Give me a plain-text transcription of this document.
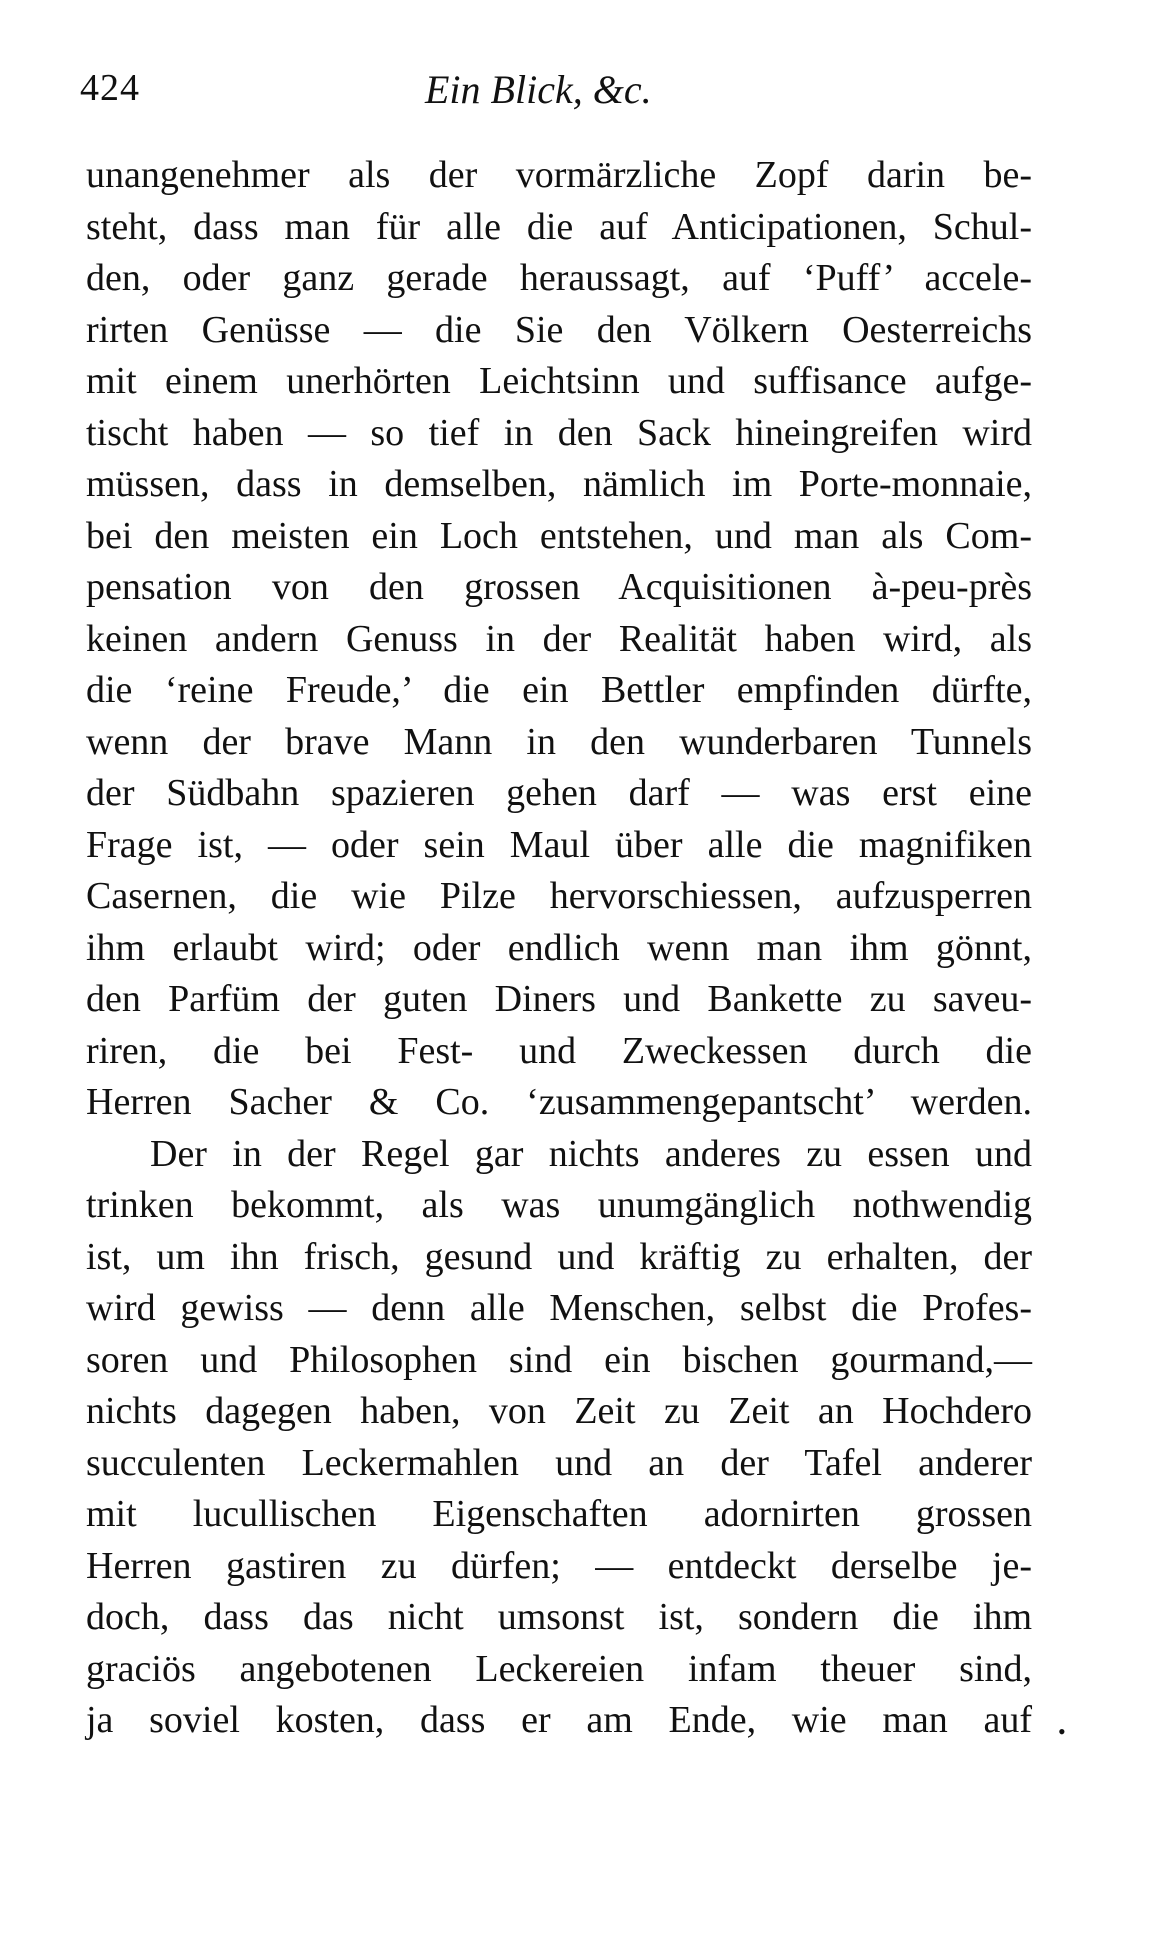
424	Ein Blick, &c.
unangenehmer als der vormärzliche Zopf darin be-
steht, dass man für alle die auf Anticipationen, Schul-
den, oder ganz gerade heraussagt, auf ‘Puff’ accele-
rirten Genüsse — die Sie den Völkern Oesterreichs
mit einem unerhörten Leichtsinn und suffisance aufge-
tischt haben — so tief in den Sack hineingreifen wird
müssen, dass in demselben, nämlich im Porte-monnaie,
bei den meisten ein Loch entstehen, und man als Com-
pensation von den grossen Acquisitionen à-peu-près
keinen andern Genuss in der Realität haben wird, als
die ‘reine Freude,’ die ein Bettler empfinden dürfte,
wenn der brave Mann in den wunderbaren Tunnels
der Südbahn spazieren gehen darf — was erst eine
Frage ist, — oder sein Maul über alle die magnifiken
Casernen, die wie Pilze hervorschiessen, aufzusperren
ihm erlaubt wird; oder endlich wenn man ihm gönnt,
den Parfüm der guten Diners und Bankette zu saveu-
riren, die bei Fest- und Zweckessen durch die
Herren Sacher & Co. ‘zusammengepantscht’ werden.
Der in der Regel gar nichts anderes zu essen und
trinken bekommt, als was unumgänglich nothwendig
ist, um ihn frisch, gesund und kräftig zu erhalten, der
wird gewiss — denn alle Menschen, selbst die Profes-
soren und Philosophen sind ein bischen gourmand,—
nichts dagegen haben, von Zeit zu Zeit an Hochdero
succulenten Leckermahlen und an der Tafel anderer
mit lucullischen Eigenschaften adornirten grossen
Herren gastiren zu dürfen; — entdeckt derselbe je-
doch, dass das nicht umsonst ist, sondern die ihm
graciös angebotenen Leckereien infam theuer sind,
ja soviel kosten, dass er am Ende, wie man auf •
